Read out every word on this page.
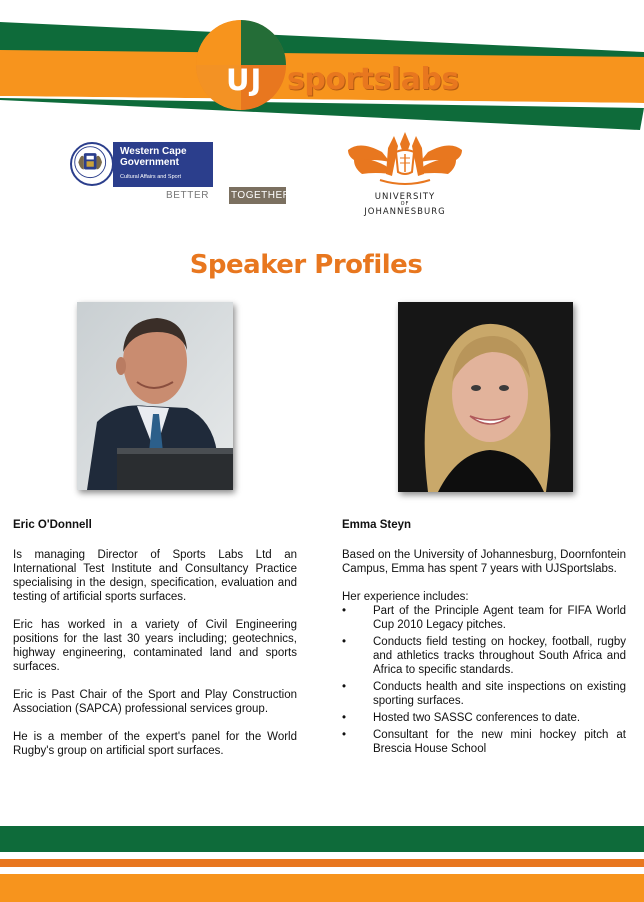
UJ sportslabs
Western Cape Government
Cultural Affairs and Sport
BETTER TOGETHER.	UNIVERSITY
OF
JOHANNESBURG
Speaker Profiles
Eric O'Donnell
Is managing Director of Sports Labs Ltd an International Test Institute and Consultancy Practice specialising in the design, specification, evaluation and testing of artificial sports surfaces.
Eric has worked in a variety of Civil Engineering positions for the last 30 years including; geotechnics, highway engineering, contaminated land and sports surfaces.
Eric is Past Chair of the Sport and Play Construction Association (SAPCA) professional services group.
He is a member of the expert's panel for the World Rugby's group on artificial sport surfaces.
Emma Steyn
Based on the University of Johannesburg, Doornfontein Campus, Emma has spent 7 years with UJSportslabs.
Her experience includes:
• Part of the Principle Agent team for FIFA World Cup 2010 Legacy pitches.
• Conducts field testing on hockey, football, rugby and athletics tracks throughout South Africa and Africa to specific standards.
• Conducts health and site inspections on existing sporting surfaces.
• Hosted two SASSC conferences to date.
• Consultant for the new mini hockey pitch at Brescia House School
